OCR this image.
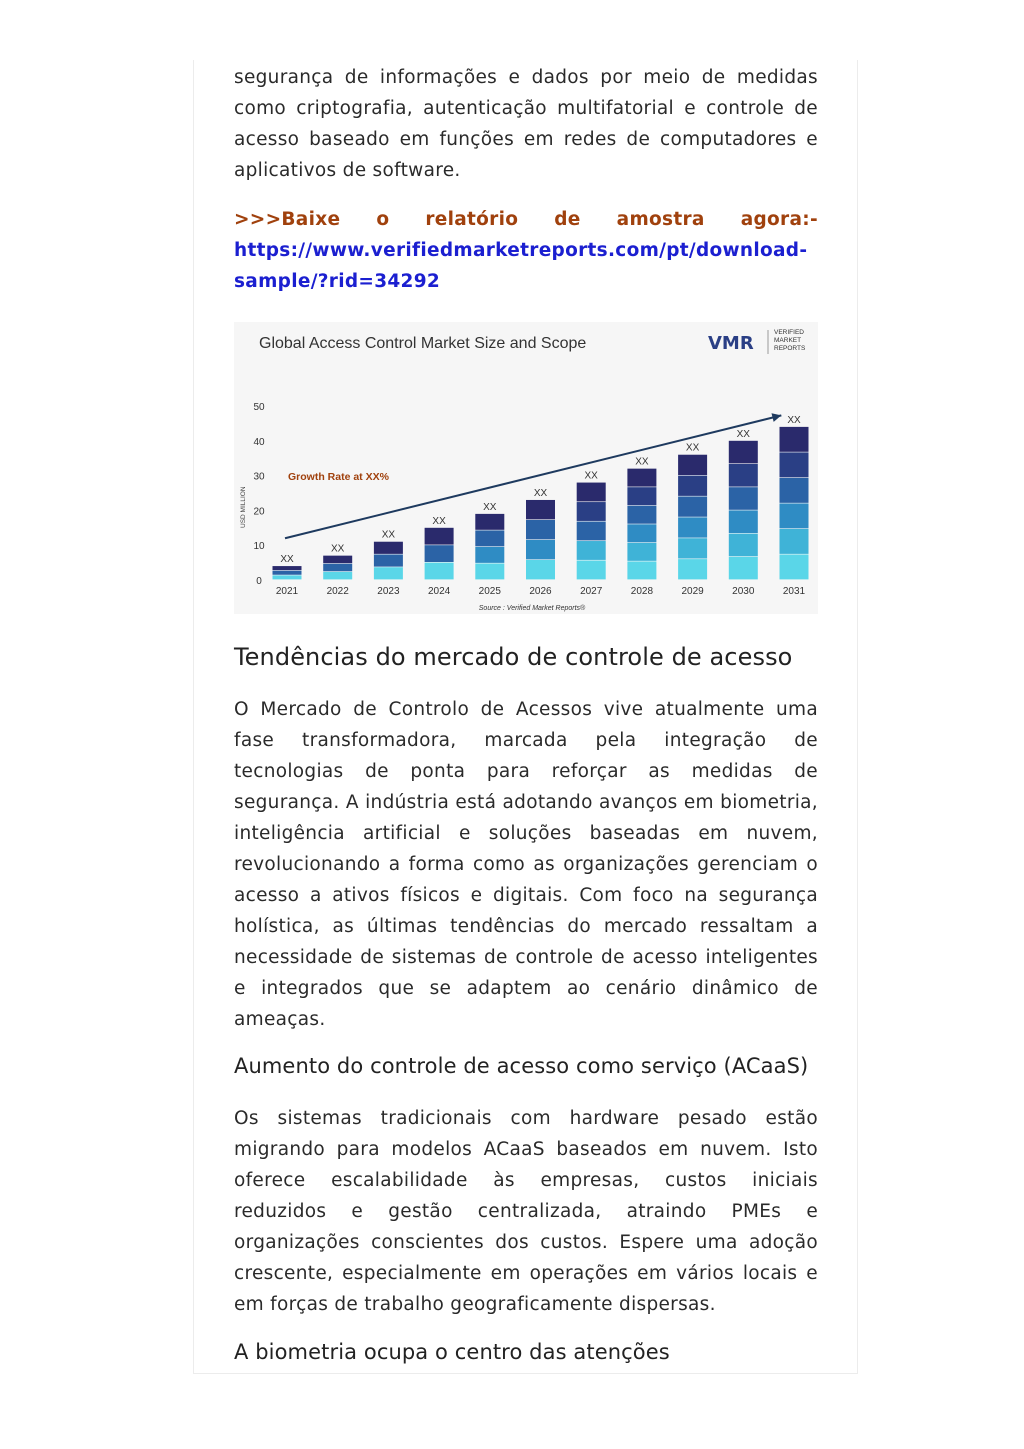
segurança de informações e dados por meio de medidas como criptografia, autenticação multifatorial e controle de acesso baseado em funções em redes de computadores e aplicativos de software.

>>>Baixe o relatório de amostra agora:-
https://www.verifiedmarketreports.com/pt/download-
sample/?rid=34292
Global Access Control Market Size and Scope	VMR
VERIFIED
MARKET
REPORTS
USD MILLION
Growth Rate at XX%
Source : Verified Market Reports®
50
40
30
20
10
0
XX
XX
XX
XX
XX
XX
XX
XX
XX
XX
XX
2021	2022	2023	2024	2025	2026	2027	2028	2029	2030	2031
Tendências do mercado de controle de acesso

O Mercado de Controlo de Acessos vive atualmente uma fase transformadora, marcada pela integração de tecnologias de ponta para reforçar as medidas de segurança. A indústria está adotando avanços em biometria, inteligência artificial e soluções baseadas em nuvem, revolucionando a forma como as organizações gerenciam o acesso a ativos físicos e digitais. Com foco na segurança holística, as últimas tendências do mercado ressaltam a necessidade de sistemas de controle de acesso inteligentes e integrados que se adaptem ao cenário dinâmico de ameaças.

Aumento do controle de acesso como serviço (ACaaS)

Os sistemas tradicionais com hardware pesado estão migrando para modelos ACaaS baseados em nuvem. Isto oferece escalabilidade às empresas, custos iniciais reduzidos e gestão centralizada, atraindo PMEs e organizações conscientes dos custos. Espere uma adoção crescente, especialmente em operações em vários locais e em forças de trabalho geograficamente dispersas.

A biometria ocupa o centro das atenções
